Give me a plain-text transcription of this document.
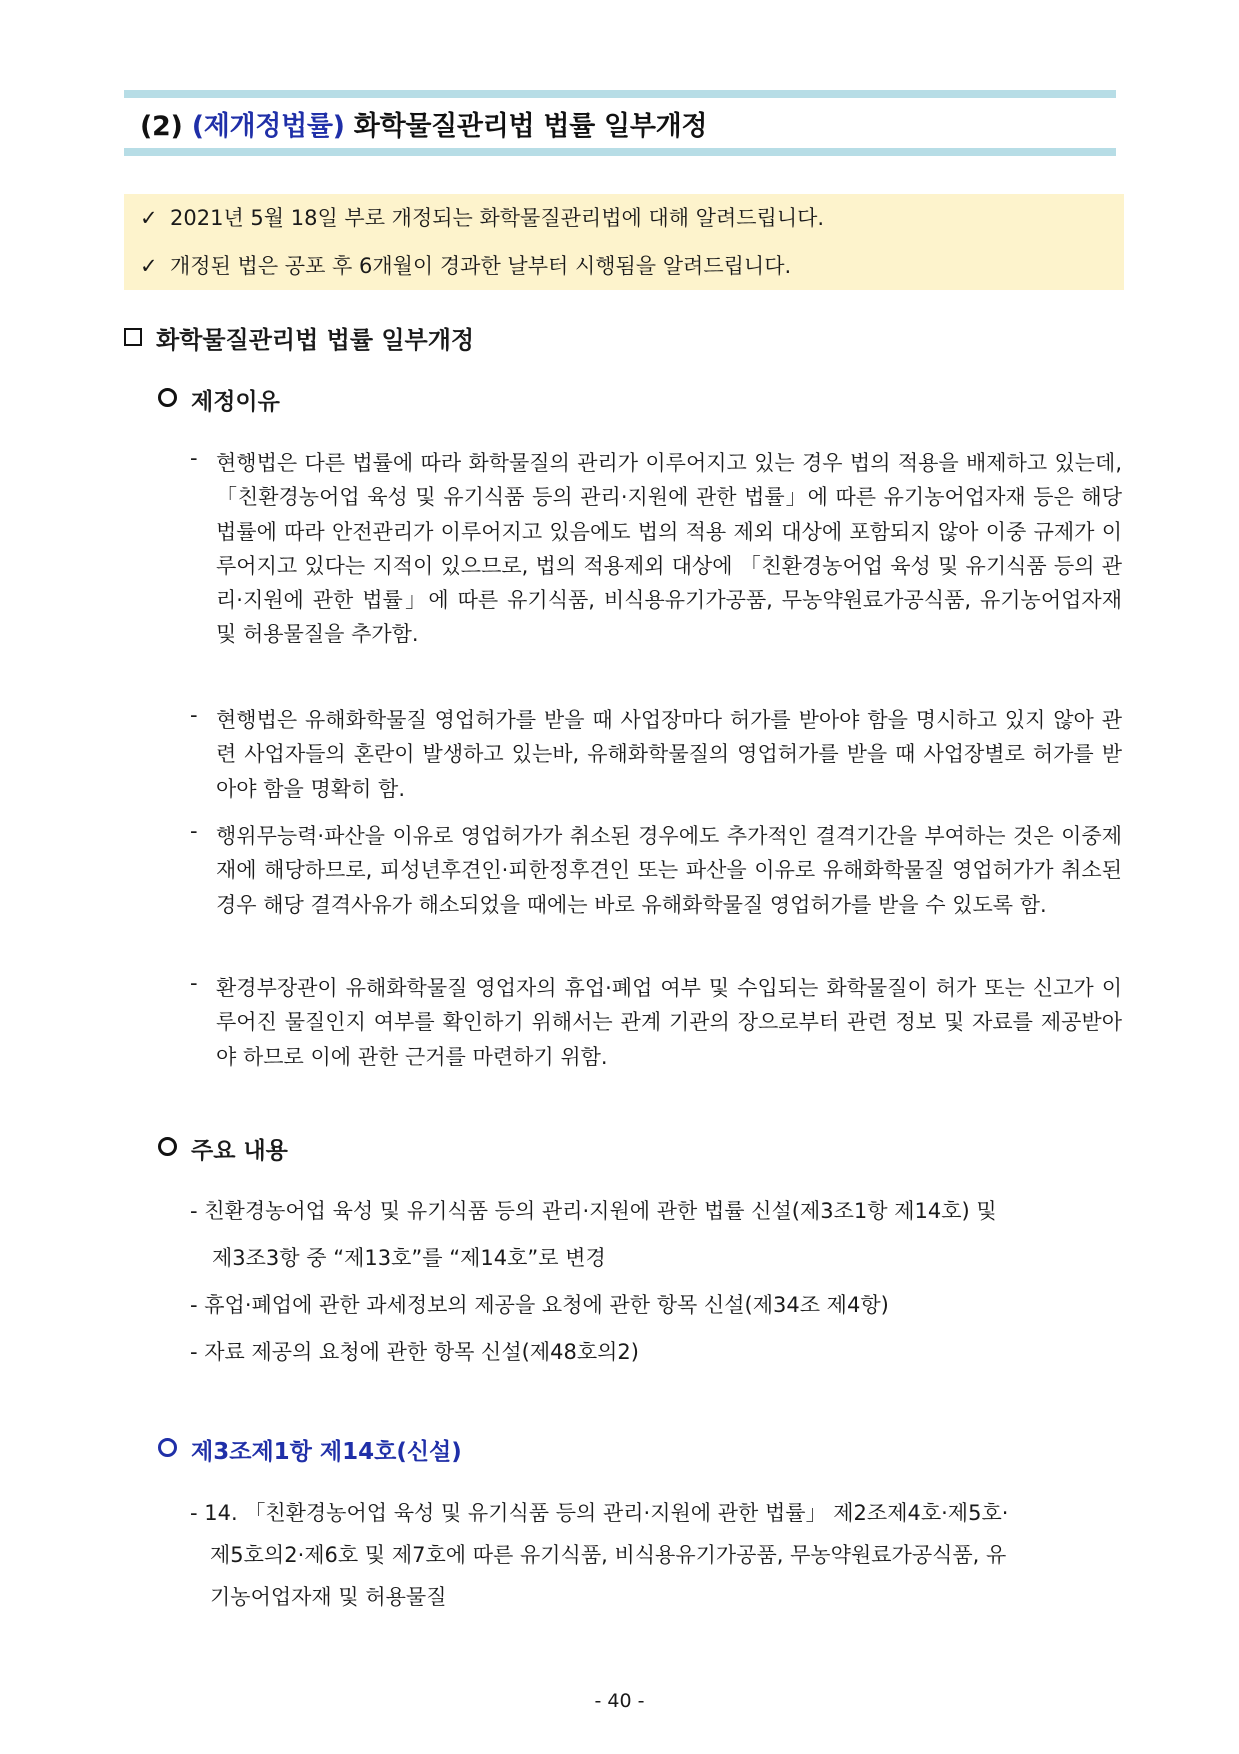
(2) (제개정법률) 화학물질관리법 법률 일부개정
✓ 2021년 5월 18일 부로 개정되는 화학물질관리법에 대해 알려드립니다.
✓ 개정된 법은 공포 후 6개월이 경과한 날부터 시행됨을 알려드립니다.
화학물질관리법 법률 일부개정
제정이유
- 현행법은 다른 법률에 따라 화학물질의 관리가 이루어지고 있는 경우 법의 적용을 배제하고 있는데, 「친환경농어업 육성 및 유기식품 등의 관리·지원에 관한 법률」에 따른 유기농어업자재 등은 해당 법률에 따라 안전관리가 이루어지고 있음에도 법의 적용 제외 대상에 포함되지 않아 이중 규제가 이루어지고 있다는 지적이 있으므로, 법의 적용제외 대상에 「친환경농어업 육성 및 유기식품 등의 관리·지원에 관한 법률」에 따른 유기식품, 비식용유기가공품, 무농약원료가공식품, 유기농어업자재 및 허용물질을 추가함.
- 현행법은 유해화학물질 영업허가를 받을 때 사업장마다 허가를 받아야 함을 명시하고 있지 않아 관련 사업자들의 혼란이 발생하고 있는바, 유해화학물질의 영업허가를 받을 때 사업장별로 허가를 받아야 함을 명확히 함.
- 행위무능력·파산을 이유로 영업허가가 취소된 경우에도 추가적인 결격기간을 부여하는 것은 이중제재에 해당하므로, 피성년후견인·피한정후견인 또는 파산을 이유로 유해화학물질 영업허가가 취소된 경우 해당 결격사유가 해소되었을 때에는 바로 유해화학물질 영업허가를 받을 수 있도록 함.
- 환경부장관이 유해화학물질 영업자의 휴업·폐업 여부 및 수입되는 화학물질이 허가 또는 신고가 이루어진 물질인지 여부를 확인하기 위해서는 관계 기관의 장으로부터 관련 정보 및 자료를 제공받아야 하므로 이에 관한 근거를 마련하기 위함.
주요 내용
- 친환경농어업 육성 및 유기식품 등의 관리·지원에 관한 법률 신설(제3조1항 제14호) 및
제3조3항 중 “제13호”를 “제14호”로 변경
- 휴업·폐업에 관한 과세정보의 제공을 요청에 관한 항목 신설(제34조 제4항)
- 자료 제공의 요청에 관한 항목 신설(제48호의2)
제3조제1항 제14호(신설)
- 14. 「친환경농어업 육성 및 유기식품 등의 관리·지원에 관한 법률」 제2조제4호·제5호·
제5호의2·제6호 및 제7호에 따른 유기식품, 비식용유기가공품, 무농약원료가공식품, 유
기농어업자재 및 허용물질
- 40 -
